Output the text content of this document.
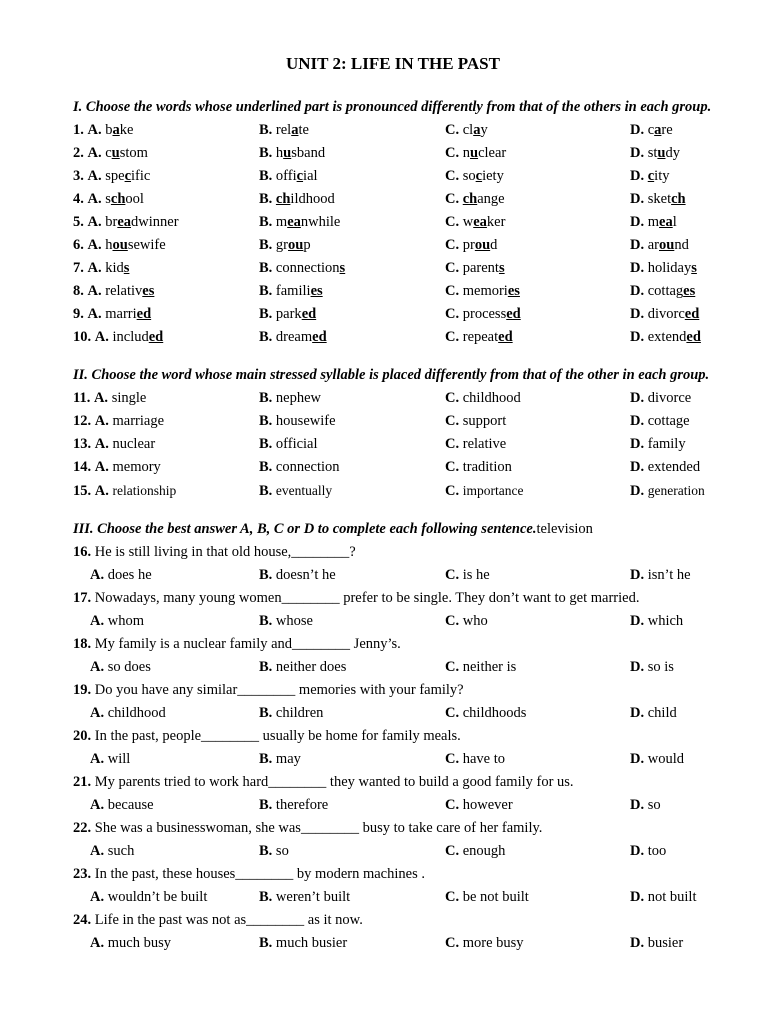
UNIT 2: LIFE IN THE PAST
I. Choose the words whose underlined part is pronounced differently from that of the others in each group.
1. A. bake	B. relate	C. clay	D. care
2. A. custom	B. husband	C. nuclear	D. study
3. A. specific	B. official	C. society	D. city
4. A. school	B. childhood	C. change	D. sketch
5. A. breadwinner	B. meanwhile	C. weaker	D. meal
6. A. housewife	B. group	C. proud	D. around
7. A. kids	B. connections	C. parents	D. holidays
8. A. relatives	B. families	C. memories	D. cottages
9. A. married	B. parked	C. processed	D. divorced
10. A. included	B. dreamed	C. repeated	D. extended
II. Choose the word whose main stressed syllable is placed differently from that of the other in each group.
11. A. single	B. nephew	C. childhood	D. divorce
12. A. marriage	B. housewife	C. support	D. cottage
13. A. nuclear	B. official	C. relative	D. family
14. A. memory	B. connection	C. tradition	D. extended
15. A. relationship	B. eventually	C. importance	D. generation
III. Choose the best answer A, B, C or D to complete each following sentence.television
16. He is still living in that old house,________?
A. does he	B. doesn’t he	C. is he	D. isn’t he
17. Nowadays, many young women________ prefer to be single. They don’t want to get married.
A. whom	B. whose	C. who	D. which
18. My family is a nuclear family and________ Jenny’s.
A. so does	B. neither does	C. neither is	D. so is
19. Do you have any similar________ memories with your family?
A. childhood	B. children	C. childhoods	D. child
20. In the past, people________ usually be home for family meals.
A. will	B. may	C. have to	D. would
21. My parents tried to work hard________ they wanted to build a good family for us.
A. because	B. therefore	C. however	D. so
22. She was a businesswoman, she was________ busy to take care of her family.
A. such	B. so	C. enough	D. too
23. In the past, these houses________ by modern machines .
A. wouldn’t be built	B. weren’t built	C. be not built	D. not built
24. Life in the past was not as________ as it now.
A. much busy	B. much busier	C. more busy	D. busier
